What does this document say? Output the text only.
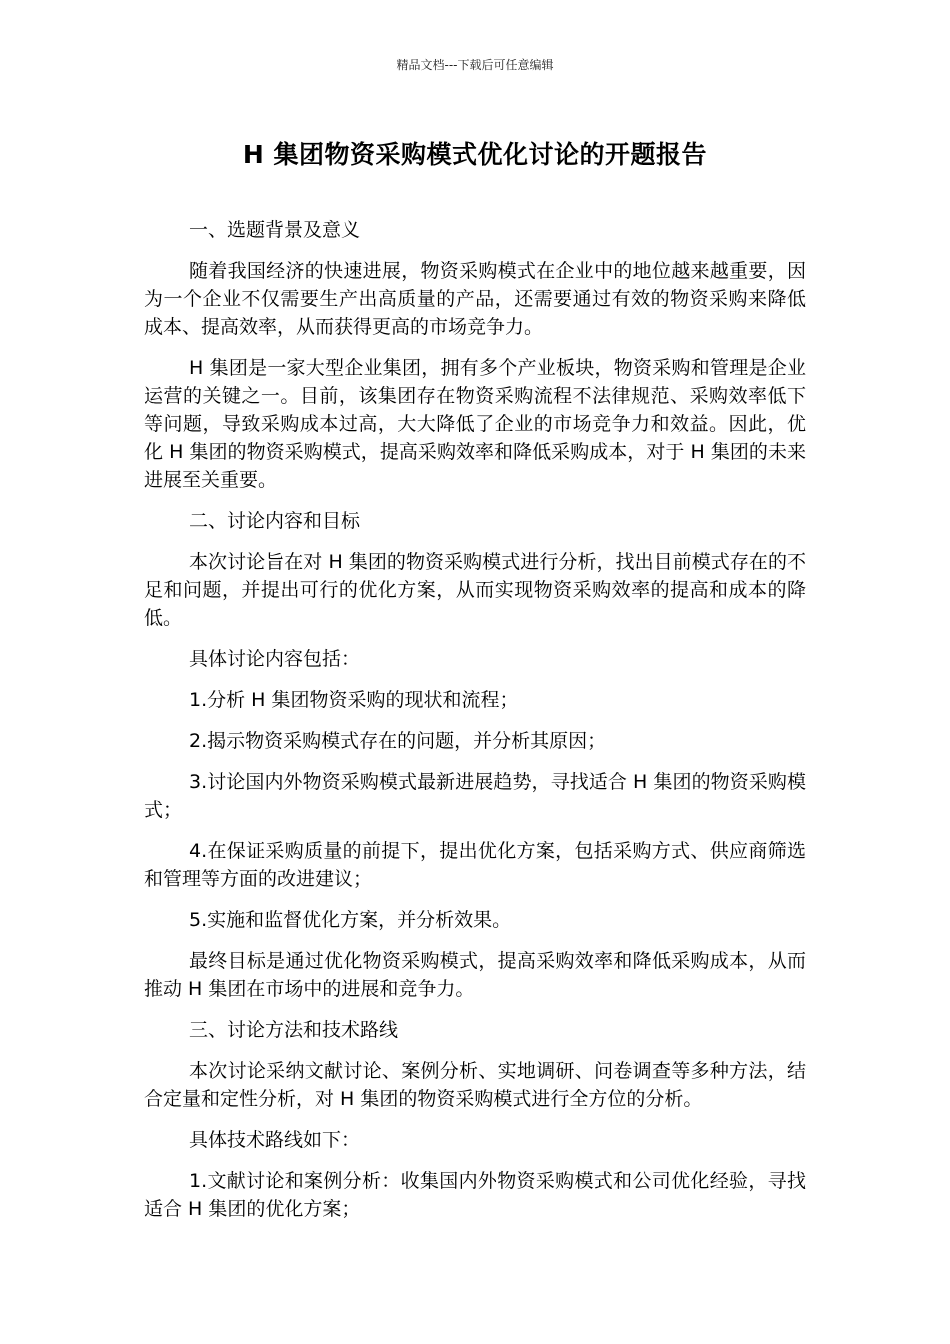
精品文档---下载后可任意编辑
H 集团物资采购模式优化讨论的开题报告

一、选题背景及意义

随着我国经济的快速进展，物资采购模式在企业中的地位越来越重要，因为一个企业不仅需要生产出高质量的产品，还需要通过有效的物资采购来降低成本、提高效率，从而获得更高的市场竞争力。

H 集团是一家大型企业集团，拥有多个产业板块，物资采购和管理是企业运营的关键之一。目前，该集团存在物资采购流程不法律规范、采购效率低下等问题，导致采购成本过高，大大降低了企业的市场竞争力和效益。因此，优化 H 集团的物资采购模式，提高采购效率和降低采购成本，对于 H 集团的未来进展至关重要。

二、讨论内容和目标

本次讨论旨在对 H 集团的物资采购模式进行分析，找出目前模式存在的不足和问题，并提出可行的优化方案，从而实现物资采购效率的提高和成本的降低。

具体讨论内容包括：

1.分析 H 集团物资采购的现状和流程；

2.揭示物资采购模式存在的问题，并分析其原因；

3.讨论国内外物资采购模式最新进展趋势，寻找适合 H 集团的物资采购模式；

4.在保证采购质量的前提下，提出优化方案，包括采购方式、供应商筛选和管理等方面的改进建议；

5.实施和监督优化方案，并分析效果。

最终目标是通过优化物资采购模式，提高采购效率和降低采购成本，从而推动 H 集团在市场中的进展和竞争力。

三、讨论方法和技术路线

本次讨论采纳文献讨论、案例分析、实地调研、问卷调查等多种方法，结合定量和定性分析，对 H 集团的物资采购模式进行全方位的分析。

具体技术路线如下：

1.文献讨论和案例分析：收集国内外物资采购模式和公司优化经验，寻找适合 H 集团的优化方案；
